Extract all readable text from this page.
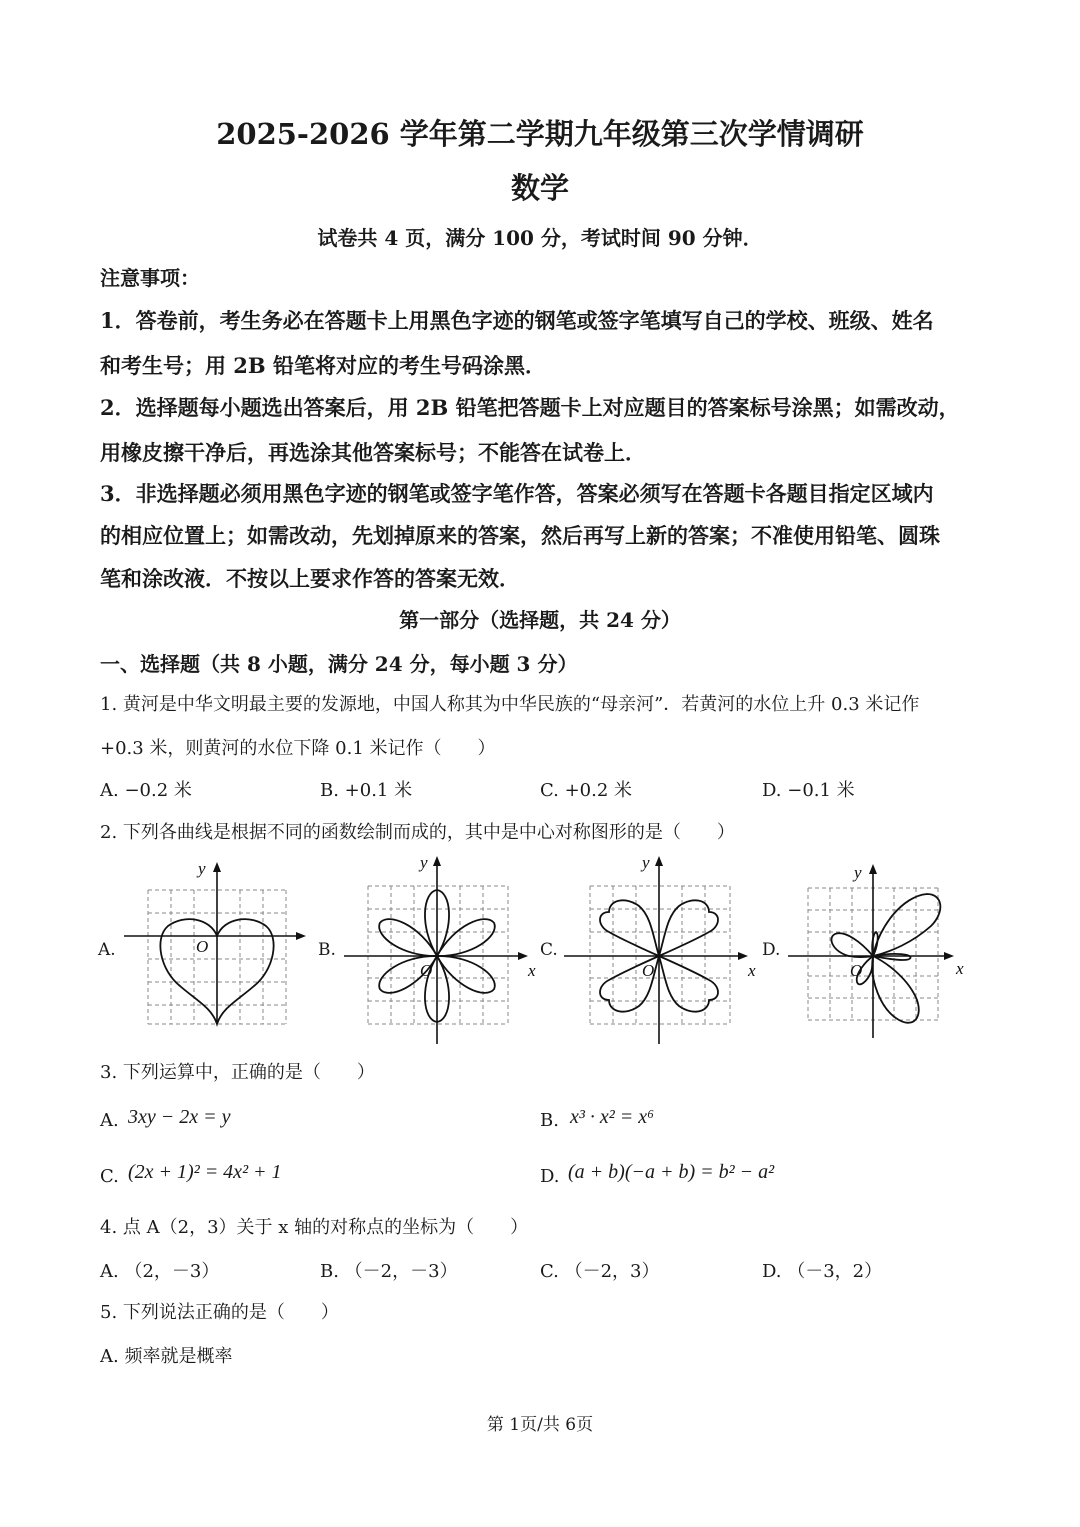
2025-2026 学年第二学期九年级第三次学情调研
数学
试卷共 4 页，满分 100 分，考试时间 90 分钟．
注意事项：
1．答卷前，考生务必在答题卡上用黑色字迹的钢笔或签字笔填写自己的学校、班级、姓名
和考生号；用 2B 铅笔将对应的考生号码涂黑．
2．选择题每小题选出答案后，用 2B 铅笔把答题卡上对应题目的答案标号涂黑；如需改动，
用橡皮擦干净后，再选涂其他答案标号；不能答在试卷上．
3．非选择题必须用黑色字迹的钢笔或签字笔作答，答案必须写在答题卡各题目指定区域内
的相应位置上；如需改动，先划掉原来的答案，然后再写上新的答案；不准使用铅笔、圆珠
笔和涂改液．不按以上要求作答的答案无效．
第一部分（选择题，共 24 分）
一、选择题（共 8 小题，满分 24 分，每小题 3 分）
1. 黄河是中华文明最主要的发源地，中国人称其为中华民族的“母亲河”．若黄河的水位上升 0.3 米记作
+0.3 米，则黄河的水位下降 0.1 米记作（　　）
A. −0.2 米	B. +0.1 米	C. +0.2 米	D. −0.1 米
2. 下列各曲线是根据不同的函数绘制而成的，其中是中心对称图形的是（　　）
A.	B.	C.	D.
y
O
y
x
O
y
x
O
y
x
O
3. 下列运算中，正确的是（　　）
A. 3xy − 2x = y	B. x³ · x² = x⁶
C. (2x + 1)² = 4x² + 1	D. (a + b)(−a + b) = b² − a²
4. 点 A（2，3）关于 x 轴的对称点的坐标为（　　）
A. （2，－3）	B. （－2，－3）	C. （－2，3）	D. （－3，2）
5. 下列说法正确的是（　　）
A. 频率就是概率
第 1页/共 6页
